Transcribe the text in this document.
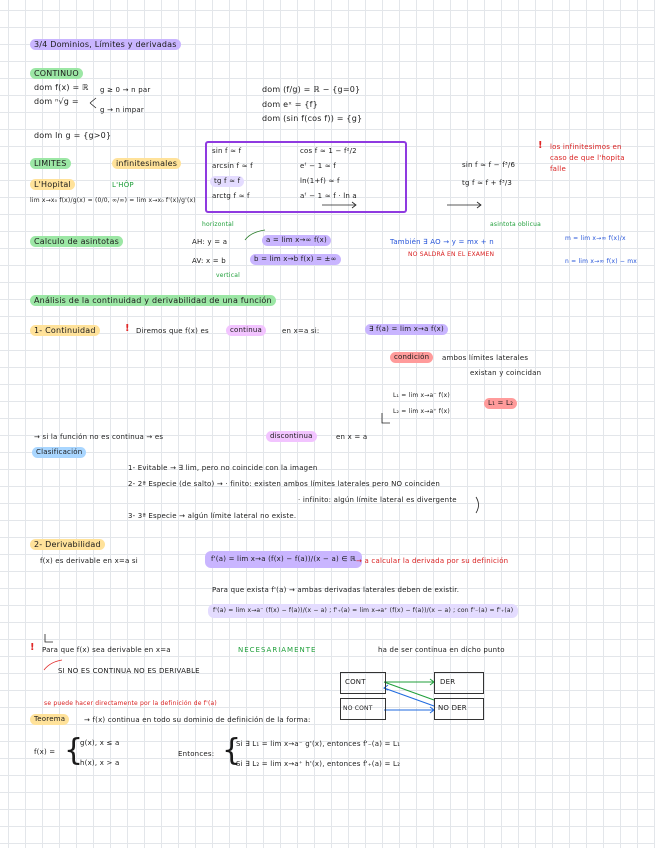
3/4 Dominios, Límites y derivadas
CONTINUO
dom f(x) = ℝ
dom ⁿ√g =
g ≥ 0 → n par
g → n impar
dom ln g = {g>0}
dom (f/g) = ℝ − {g=0}
dom eˣ = {f}
dom (sin f(cos f)) = {g}
LIMITES	infinitesimales
L'Hopital	L'HÔP
lim x→x₀ f(x)/g(x) = (0/0, ∞/∞) = lim x→x₀ f'(x)/g'(x)
sin f ≈ f
arcsin f ≈ f
tg f ≈ f
arctg f ≈ f
cos f ≈ 1 − f²/2
eᶠ − 1 ≈ f
ln(1+f) ≈ f
aᶠ − 1 ≈ f · ln a
sin f ≈ f − f³/6
tg f ≈ f + f³/3
! los infinitesimos en caso de que l'hopita falle
Calculo de asintotas
horizontal
AH: y = a	a = lim x→∞ f(x)
AV: x = b	b = lim x→b f(x) = ±∞
vertical
asintota oblicua
También ∃ AO → y = mx + n
NO SALDRÁ EN EL EXAMEN
m = lim x→∞ f(x)/x
n = lim x→∞ f(x) − mx
Análisis de la continuidad y derivabilidad de una función
1- Continuidad	! Diremos que f(x) es	continua	en x=a si:	∃ f(a) = lim x→a f(x)
condición	ambos límites laterales
existan y coincidan
L₁ = lim x→a⁻ f(x)
L₂ = lim x→a⁺ f(x)
L₁ = L₂
→ si la función no es continua → es	discontinua	en x = a
Clasificación
1- Evitable → ∃ lim, pero no coincide con la imagen
2- 2ª Especie (de salto) → · finito: existen ambos límites laterales pero NO coinciden
· infinito: algún límite lateral es divergente
3- 3ª Especie → algún límite lateral no existe.
2- Derivabilidad
f(x) es derivable en x=a si	f'(a) = lim x→a (f(x) − f(a))/(x − a) ∈ ℝ → a calcular la derivada por su definición
Para que exista f'(a) → ambas derivadas laterales deben de existir.
f'(a) = lim x→a⁻ (f(x) − f(a))/(x − a) ; f'₊(a) = lim x→a⁺ (f(x) − f(a))/(x − a) ; con f'₋(a) = f'₊(a)
! Para que f(x) sea derivable en x=a	NECESARIAMENTE	ha de ser continua en dicho punto
SI NO ES CONTINUA NO ES DERIVABLE
CONT	DER
NO CONT	NO DER
se puede hacer directamente por la definición de f'(a)
Teorema	→ f(x) continua en todo su dominio de definición de la forma:
f(x) = {
g(x), x ≤ a
h(x), x > a
Entonces: {
Si ∃ L₁ = lim x→a⁻ g'(x), entonces f'₋(a) = L₁
Si ∃ L₂ = lim x→a⁺ h'(x), entonces f'₊(a) = L₂
